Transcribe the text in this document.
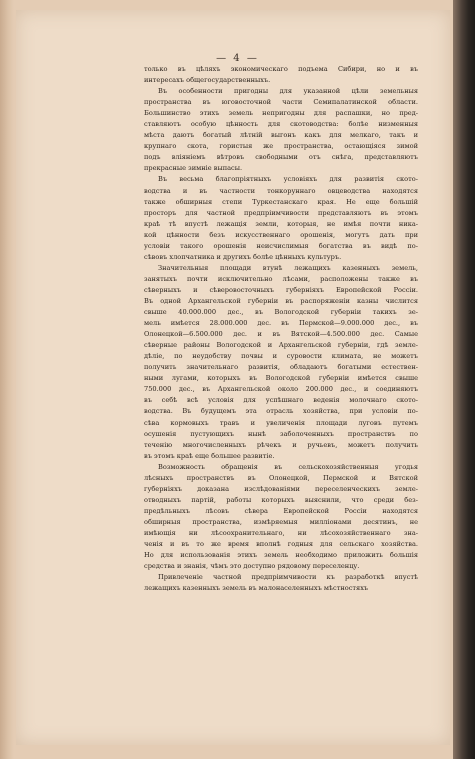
— 4 —
только въ цѣляхъ экономическаго подъема Сибири, но и въ
интересахъ общегосударственныхъ.
Въ особенности пригодны для указанной цѣли земельныя
пространства въ юговосточной части Семипалатинской области.
Большинство этихъ земель непригодны для распашки, но пред-
ставляютъ особую цѣнность для скотоводства: болѣе низменныя
мѣста даютъ богатый лѣтній выгонъ какъ для мелкаго, такъ и
крупнаго скота, гористыя же пространства, остающіяся зимой
подъ вліяніемъ вѣтровъ свободными отъ снѣга, представляютъ
прекрасные зимніе выпасы.
Въ весьма благопріятныхъ условіяхъ для развитія ското-
водства и въ частности тонкоруннаго овцеводства находятся
также обширныя степи Туркестанскаго края. Не еще большій
просторъ для частной предпріимчивости представляютъ въ этомъ
краѣ тѣ впустѣ лежащія земли, которыя, не имѣя почти ника-
кой цѣнности безъ искусственнаго орошенія, могутъ дать при
условіи такого орошенія неисчислимыя богатства въ видѣ по-
сѣвовъ хлопчатника и другихъ болѣе цѣнныхъ культуръ.
Значительныя площади втунѣ лежащихъ казенныхъ земель,
занятыхъ почти исключительно лѣсами, расположены также въ
сѣверныхъ и сѣверовосточныхъ губерніяхъ Европейской Россіи.
Въ одной Архангельской губерніи въ распоряженіи казны числится
свыше 40.000.000 дес., въ Вологодской губерніи такихъ зе-
мель имѣется 28.000.000 дес. въ Пермской—9.000.000 дес., въ
Олонецкой—6.500.000 дес. и въ Вятской—4.500.000 дес. Самые
сѣверные районы Вологодской и Архангельской губерніи, гдѣ земле-
дѣліе, по неудобству почвы и суровости климата, не можетъ
получить значительнаго развитія, обладаютъ богатыми естествен-
ными лугами, которыхъ въ Вологодской губерніи имѣется свыше
750.000 дес., въ Архангельской около 200.000 дес., и соединяютъ
въ себѣ всѣ условія для успѣшнаго веденія молочнаго ското-
водства. Въ будущемъ эта отрасль хозяйства, при условіи по-
сѣва кормовыхъ травъ и увеличенія площади луговъ путемъ
осушенія пустующихъ нынѣ заболоченныхъ пространствъ по
теченію многочисленныхъ рѣчекъ и ручьевъ, можетъ получить
въ этомъ краѣ еще большее развитіе.
Возможность обращенія въ сельскохозяйственныя угодья
лѣсныхъ пространствъ въ Олонецкой, Пермской и Вятской
губерніяхъ доказана изслѣдованіями переселенческихъ земле-
отводныхъ партій, работы которыхъ выяснили, что среди без-
предѣльныхъ лѣсовъ сѣвера Европейской Россіи находятся
обширныя пространства, измѣряемыя милліонами десятинъ, не
имѣющія ни лѣсоохранительнаго, ни лѣсохозяйственнаго зна-
ченія и въ то же время вполнѣ годныя для сельскаго хозяйства.
Но для использованія этихъ земель необходимо приложить большія
средства и знанія, чѣмъ это доступно рядовому переселенцу.
Привлеченіе частной предпріимчивости къ разработкѣ впустѣ
лежащихъ казенныхъ земель въ малонаселенныхъ мѣстностяхъ
